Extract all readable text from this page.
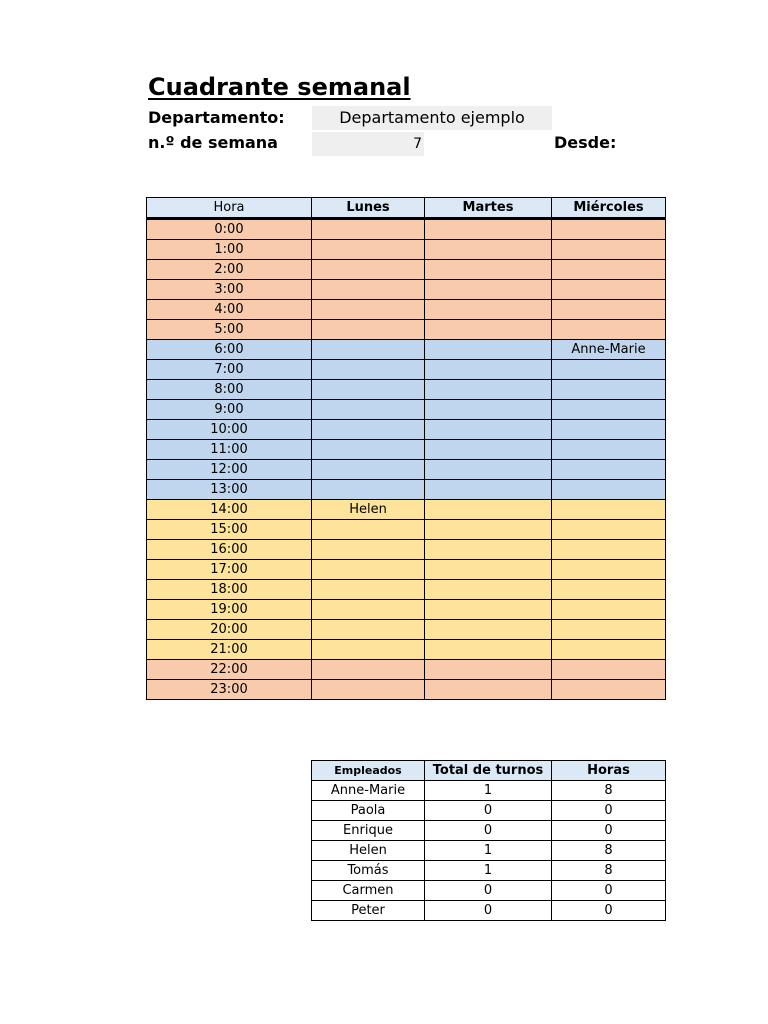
Cuadrante semanal
Departamento:	Departamento ejemplo
n.º de semana	7	Desde:
Hora	Lunes	Martes	Miércoles
0:00			
1:00			
2:00			
3:00			
4:00			
5:00			
6:00			Anne-Marie
7:00			
8:00			
9:00			
10:00			
11:00			
12:00			
13:00			
14:00	Helen		
15:00			
16:00			
17:00			
18:00			
19:00			
20:00			
21:00			
22:00			
23:00			
Empleados	Total de turnos	Horas
Anne-Marie	1	8
Paola	0	0
Enrique	0	0
Helen	1	8
Tomás	1	8
Carmen	0	0
Peter	0	0
